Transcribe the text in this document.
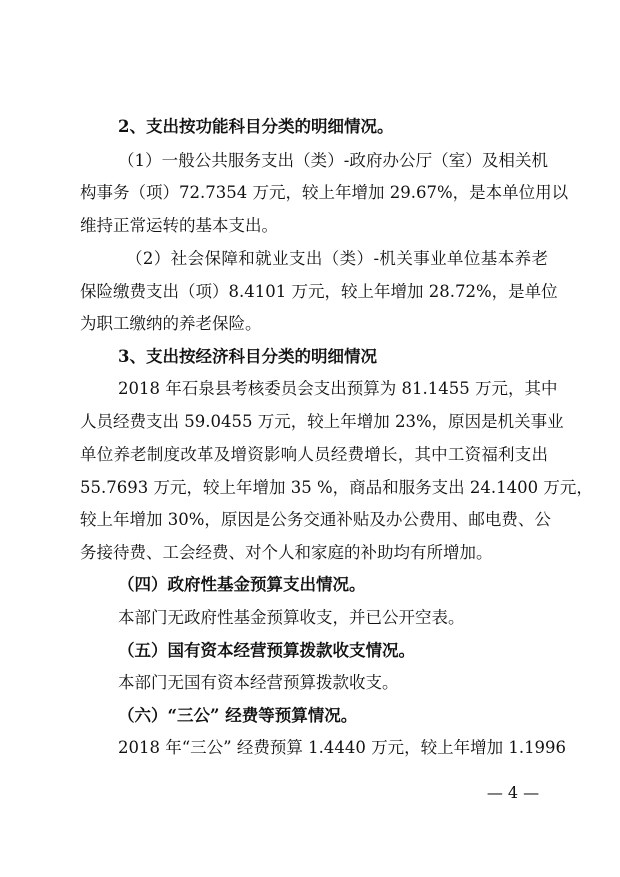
2、支出按功能科目分类的明细情况。
（1）一般公共服务支出（类）-政府办公厅（室）及相关机
构事务（项）72.7354 万元，较上年增加 29.67%，是本单位用以
维持正常运转的基本支出。
（2）社会保障和就业支出（类）-机关事业单位基本养老
保险缴费支出（项）8.4101 万元，较上年增加 28.72%，是单位
为职工缴纳的养老保险。
3、支出按经济科目分类的明细情况
2018 年石泉县考核委员会支出预算为 81.1455 万元，其中
人员经费支出 59.0455 万元，较上年增加 23%，原因是机关事业
单位养老制度改革及增资影响人员经费增长，其中工资福利支出
55.7693 万元，较上年增加 35 %，商品和服务支出 24.1400 万元，
较上年增加 30%，原因是公务交通补贴及办公费用、邮电费、公
务接待费、工会经费、对个人和家庭的补助均有所增加。
（四）政府性基金预算支出情况。
本部门无政府性基金预算收支，并已公开空表。
（五）国有资本经营预算拨款收支情况。
本部门无国有资本经营预算拨款收支。
（六）“三公” 经费等预算情况。
2018 年“三公” 经费预算 1.4440 万元，较上年增加 1.1996
— 4 —
